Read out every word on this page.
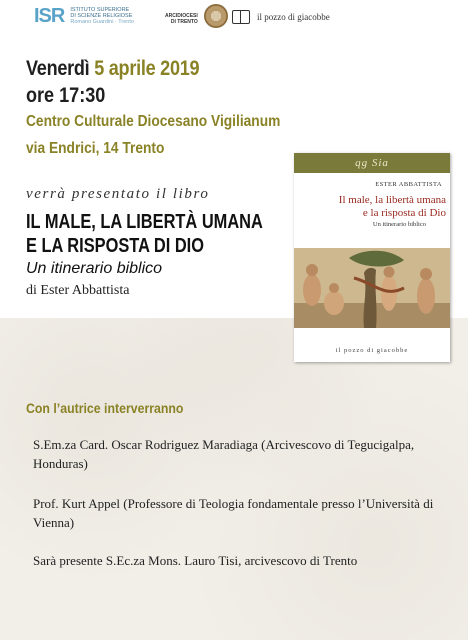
ISR ISTITUTO SUPERIORE
DI SCIENZE RELIGIOSE
Romano Guardini · Trento
ARCIDIOCESI
DI TRENTO	il pozzo di giacobbe
Venerdì 5 aprile 2019
ore 17:30
Centro Culturale Diocesano Vigilianum
via Endrici, 14 Trento
verrà presentato il libro
IL MALE, LA LIBERTÀ UMANA
E LA RISPOSTA DI DIO
Un itinerario biblico
di Ester Abbattista
qg Sia
ESTER ABBATTISTA
Il male, la libertà umana
e la risposta di Dio
Un itinerario biblico
il pozzo di giacobbe
Con l’autrice interverranno
S.Em.za Card. Oscar Rodriguez Maradiaga (Arcivescovo di Tegucigalpa, Honduras)
Prof. Kurt Appel (Professore di Teologia fondamentale presso l’Università di Vienna)
Sarà presente S.Ec.za Mons. Lauro Tisi, arcivescovo di Trento
